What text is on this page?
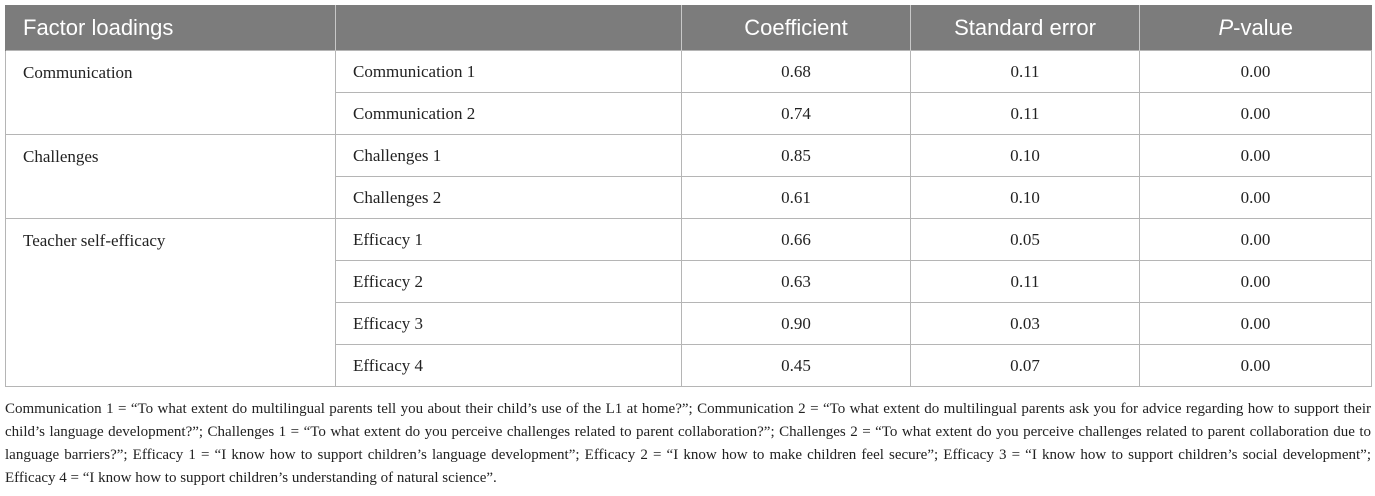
Factor loadings		Coefficient	Standard error	P-value
Communication	Communication 1	0.68	0.11	0.00
	Communication 2	0.74	0.11	0.00
Challenges	Challenges 1	0.85	0.10	0.00
	Challenges 2	0.61	0.10	0.00
Teacher self-efficacy	Efficacy 1	0.66	0.05	0.00
	Efficacy 2	0.63	0.11	0.00
	Efficacy 3	0.90	0.03	0.00
	Efficacy 4	0.45	0.07	0.00
Communication 1 = “To what extent do multilingual parents tell you about their child’s use of the L1 at home?”; Communication 2 = “To what extent do multilingual parents ask you for advice regarding how to support their child’s language development?”; Challenges 1 = “To what extent do you perceive challenges related to parent collaboration?”; Challenges 2 = “To what extent do you perceive challenges related to parent collaboration due to language barriers?”; Efficacy 1 = “I know how to support children’s language development”; Efficacy 2 = “I know how to make children feel secure”; Efficacy 3 = “I know how to support children’s social development”; Efficacy 4 = “I know how to support children’s understanding of natural science”.
